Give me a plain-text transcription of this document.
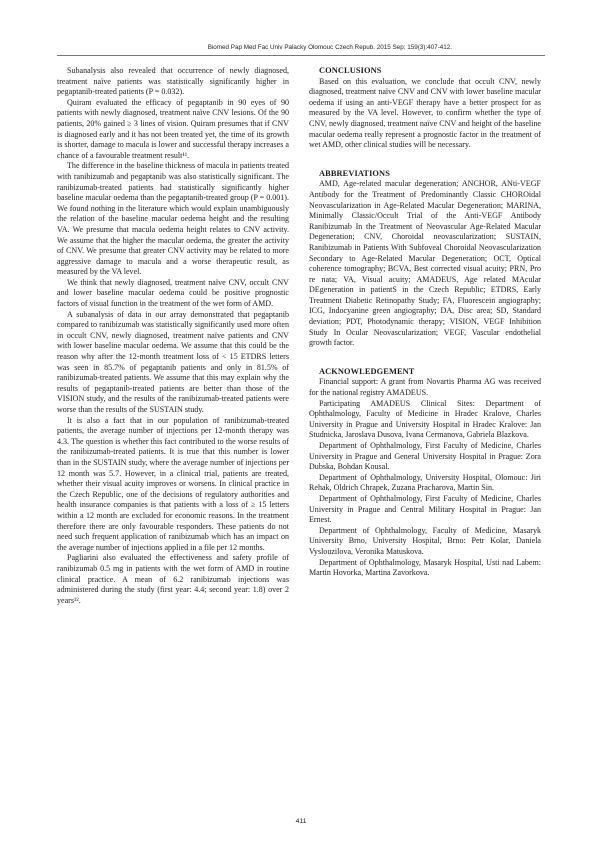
Biomed Pap Med Fac Univ Palacky Olomouc Czech Repub. 2015 Sep; 159(3):407-412.

Subanalysis also revealed that occurrence of newly diagnosed, treatment naïve patients was statistically significantly higher in pegaptanib-treated patients (P = 0.032).

Quiram evaluated the efficacy of pegaptanib in 90 eyes of 90 patients with newly diagnosed, treatment naïve CNV lesions. Of the 90 patients, 20% gained ≥ 3 lines of vision. Quiram presumes that if CNV is diagnosed early and it has not been treated yet, the time of its growth is shorter, damage to macula is lower and successful therapy increases a chance of a favourable treatment result¹¹.

The difference in the baseline thickness of macula in patients treated with ranibizumab and pegaptanib was also statistically significant. The ranibizumab-treated patients had statistically significantly higher baseline macular oedema than the pegaptanib-treated group (P = 0.001). We found nothing in the literature which would explain unambiguously the relation of the baseline macular oedema height and the resulting VA. We presume that macula oedema height relates to CNV activity. We assume that the higher the macular oedema, the greater the activity of CNV. We presume that greater CNV activity may be related to more aggressive damage to macula and a worse therapeutic result, as measured by the VA level.

We think that newly diagnosed, treatment naïve CNV, occult CNV and lower baseline macular oedema could be positive prognostic factors of visual function in the treatment of the wet form of AMD.

A subanalysis of data in our array demonstrated that pegaptanib compared to ranibizumab was statistically significantly used more often in occult CNV, newly diagnosed, treatment naïve patients and CNV with lower baseline macular oedema. We assume that this could be the reason why after the 12-month treatment loss of < 15 ETDRS letters was seen in 85.7% of pegaptanib patients and only in 81.5% of ranibizumab-treated patients. We assume that this may explain why the results of pegaptanib-treated patients are better than those of the VISION study, and the results of the ranibizumab-treated patients were worse than the results of the SUSTAIN study.

It is also a fact that in our population of ranibizumab-treated patients, the average number of injections per 12-month therapy was 4.3. The question is whether this fact contributed to the worse results of the ranibizumab-treated patients. It is true that this number is lower than in the SUSTAIN study, where the average number of injections per 12 month was 5.7. However, in a clinical trial, patients are treated, whether their visual acuity improves or worsens. In clinical practice in the Czech Republic, one of the decisions of regulatory authorities and health insurance companies is that patients with a loss of ≥ 15 letters within a 12 month are excluded for economic reasons. In the treatment therefore there are only favourable responders. These patients do not need such frequent application of ranibizumab which has an impact on the average number of injections applied in a file per 12 months.

Pagliarini also evaluated the effectiveness and safety profile of ranibizumab 0.5 mg in patients with the wet form of AMD in routine clinical practice. A mean of 6.2 ranibizumab injections was administered during the study (first year: 4.4; second year: 1.8) over 2 years¹².

CONCLUSIONS

Based on this evaluation, we conclude that occult CNV, newly diagnosed, treatment naïve CNV and CNV with lower baseline macular oedema if using an anti-VEGF therapy have a better prospect for as measured by the VA level. However, to confirm whether the type of CNV, newly diagnosed, treatment naïve CNV and height of the baseline macular oedema really represent a prognostic factor in the treatment of wet AMD, other clinical studies will be necessary.

ABBREVIATIONS

AMD, Age-related macular degeneration; ANCHOR, ANti-VEGF Antibody for the Treatment of Predominantly Classic CHOROidal Neovascularization in Age-Related Macular Degeneration; MARINA, Minimally Classic/Occult Trial of the Anti-VEGF Antibody Ranibizumab In the Treatment of Neovascular Age-Related Macular Degeneration; CNV, Choroidal neovascularization; SUSTAIN, Ranibizumab in Patients With Subfoveal Choroidal Neovascularization Secondary to Age-Related Macular Degeneration; OCT, Optical coherence tomography; BCVA, Best corrected visual acuity; PRN, Pro re nata; VA, Visual acuity; AMADEUS, Age related MAcular DEgeneration in patientS in the Czech Republic; ETDRS, Early Treatment Diabetic Retinopathy Study; FA, Fluorescein angiography; ICG, Indocyanine green angiography; DA, Disc area; SD, Standard deviation; PDT, Photodynamic therapy; VISION, VEGF Inhibition Study In Ocular Neovascularization; VEGF, Vascular endothelial growth factor.

ACKNOWLEDGEMENT

Financial support: A grant from Novartis Pharma AG was received for the national registry AMADEUS.

Participating AMADEUS Clinical Sites: Department of Ophthalmology, Faculty of Medicine in Hradec Kralove, Charles University in Prague and University Hospital in Hradec Kralove: Jan Studnicka, Jaroslava Dusova, Ivana Cermanova, Gabriela Blazkova.

Department of Ophthalmology, First Faculty of Medicine, Charles University in Prague and General University Hospital in Prague: Zora Dubska, Bohdan Kousal.

Department of Ophthalmology, University Hospital, Olomouc: Jiri Rehak, Oldrich Chrapek, Zuzana Pracharova, Martin Sin.

Department of Ophthalmology, First Faculty of Medicine, Charles University in Prague and Central Military Hospital in Prague: Jan Ernest.

Department of Ophthalmology, Faculty of Medicine, Masaryk University Brno, University Hospital, Brno: Petr Kolar, Daniela Vyslouzilova, Veronika Matuskova.

Department of Ophthalmology, Masaryk Hospital, Usti nad Labem: Martin Hovorka, Martina Zavorkova.

411
